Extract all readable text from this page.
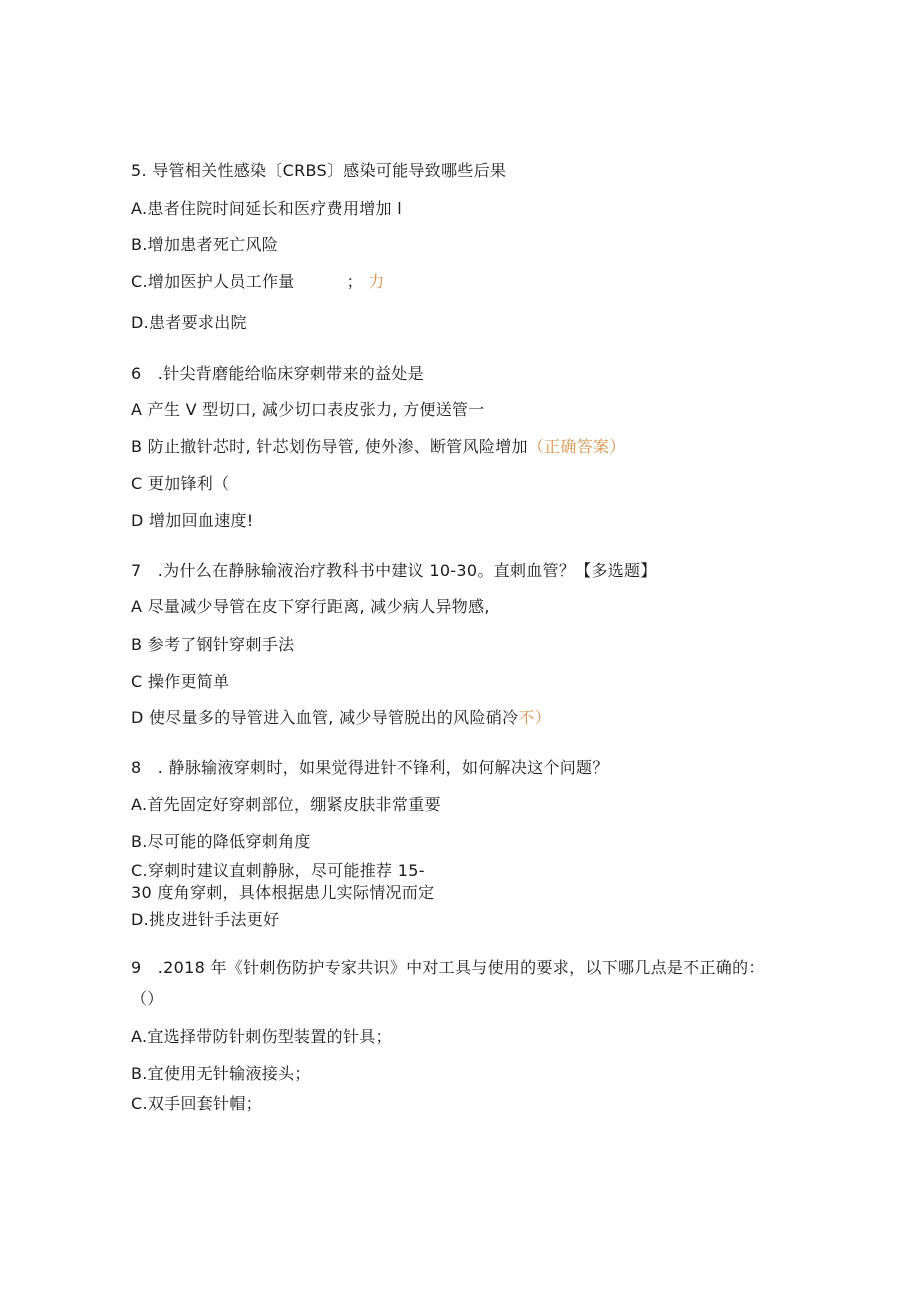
5. 导管相关性感染〔CRBS〕感染可能导致哪些后果
A.患者住院时间延长和医疗费用增加 l
B.增加患者死亡风险
C.增加医护人员工作量	； 力
D.患者要求出院
6　.针尖背磨能给临床穿刺带来的益处是
A 产生 V 型切口, 减少切口表皮张力, 方便送管一
B 防止撤针芯时, 针芯划伤导管, 使外渗、断管风险增加（正确答案）
C 更加锋利（
D 增加回血速度!
7　.为什么在静脉输液治疗教科书中建议 10-30。直刺血管？【多选题】
A 尽量减少导管在皮下穿行距离, 减少病人异物感,
B 参考了钢针穿刺手法
C 操作更简单
D 使尽量多的导管进入血管, 减少导管脱出的风险硝冷不）
8　. 静脉输液穿刺时，如果觉得进针不锋利，如何解决这个问题？
A.首先固定好穿刺部位，绷紧皮肤非常重要
B.尽可能的降低穿刺角度
C.穿刺时建议直刺静脉，尽可能推荐 15-
30 度角穿刺，具体根据患儿实际情况而定
D.挑皮进针手法更好
9　.2018 年《针刺伤防护专家共识》中对工具与使用的要求，以下哪几点是不正确的：
（）
A.宜选择带防针刺伤型装置的针具；
B.宜使用无针输液接头；
C.双手回套针帽；
